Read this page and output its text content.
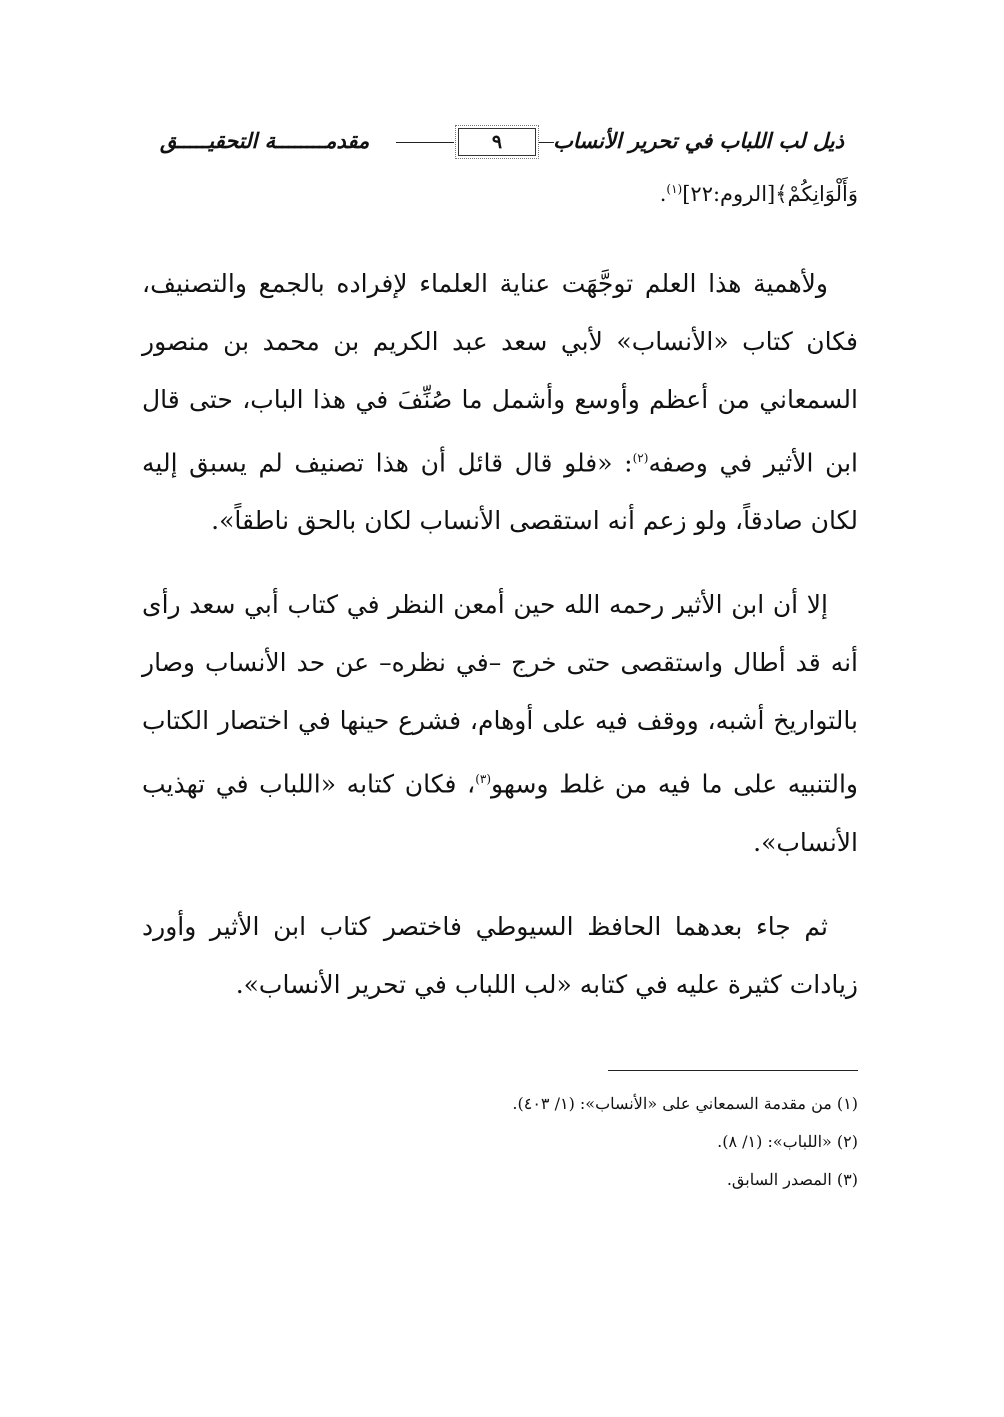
ذيل لب اللباب في تحرير الأنساب
٩
مقدمــــــــة التحقيـــــق
وَأَلْوَانِكُمْ﴾[الروم:٢٢]$^{(١)}$.

ولأهمية هذا العلم توجَّهَت عناية العلماء لإفراده بالجمع والتصنيف، فكان كتاب «الأنساب» لأبي سعد عبد الكريم بن محمد بن منصور السمعاني من أعظم وأوسع وأشمل ما صُنِّفَ في هذا الباب، حتى قال ابن الأثير في وصفه$^{(٢)}$: «فلو قال قائل أن هذا تصنيف لم يسبق إليه لكان صادقاً، ولو زعم أنه استقصى الأنساب لكان بالحق ناطقاً».

إلا أن ابن الأثير رحمه الله حين أمعن النظر في كتاب أبي سعد رأى أنه قد أطال واستقصى حتى خرج –في نظره– عن حد الأنساب وصار بالتواريخ أشبه، ووقف فيه على أوهام، فشرع حينها في اختصار الكتاب والتنبيه على ما فيه من غلط وسهو$^{(٣)}$، فكان كتابه «اللباب في تهذيب الأنساب».

ثم جاء بعدهما الحافظ السيوطي فاختصر كتاب ابن الأثير وأورد زيادات كثيرة عليه في كتابه «لب اللباب في تحرير الأنساب».

(١) من مقدمة السمعاني على «الأنساب»: (١/ ٤٠٣).

(٢) «اللباب»: (١/ ٨).

(٣) المصدر السابق.
